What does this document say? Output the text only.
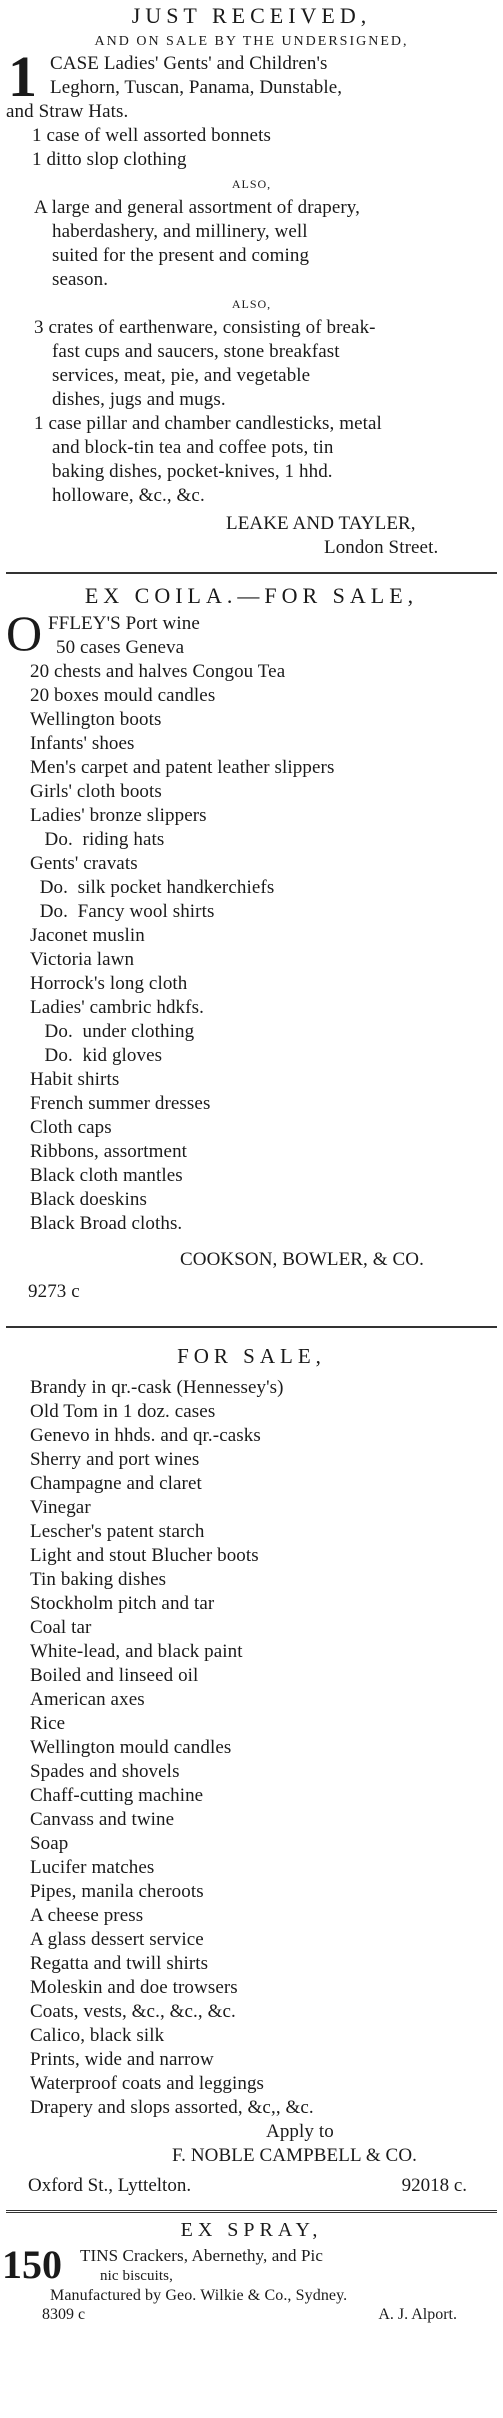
JUST RECEIVED,
AND ON SALE BY THE UNDERSIGNED,
1 CASE Ladies' Gents' and Children's
Leghorn, Tuscan, Panama, Dunstable,
and Straw Hats.
1 case of well assorted bonnets
1 ditto slop clothing
ALSO,
A large and general assortment of drapery,
haberdashery, and millinery, well
suited for the present and coming
season.
ALSO,
3 crates of earthenware, consisting of break-
fast cups and saucers, stone breakfast
services, meat, pie, and vegetable
dishes, jugs and mugs.
1 case pillar and chamber candlesticks, metal
and block-tin tea and coffee pots, tin
baking dishes, pocket-knives, 1 hhd.
holloware, &c., &c.
LEAKE AND TAYLER,
London Street.
EX COILA.—FOR SALE,
O FFLEY'S Port wine
50 cases Geneva
20 chests and halves Congou Tea
20 boxes mould candles
Wellington boots
Infants' shoes
Men's carpet and patent leather slippers
Girls' cloth boots
Ladies' bronze slippers
Do.  riding hats
Gents' cravats
Do.  silk pocket handkerchiefs
Do.  Fancy wool shirts
Jaconet muslin
Victoria lawn
Horrock's long cloth
Ladies' cambric hdkfs.
Do.  under clothing
Do.  kid gloves
Habit shirts
French summer dresses
Cloth caps
Ribbons, assortment
Black cloth mantles
Black doeskins
Black Broad cloths.
COOKSON, BOWLER, & CO.
9273 c
FOR SALE,
Brandy in qr.-cask (Hennessey's)
Old Tom in 1 doz. cases
Genevo in hhds. and qr.-casks
Sherry and port wines
Champagne and claret
Vinegar
Lescher's patent starch
Light and stout Blucher boots
Tin baking dishes
Stockholm pitch and tar
Coal tar
White-lead, and black paint
Boiled and linseed oil
American axes
Rice
Wellington mould candles
Spades and shovels
Chaff-cutting machine
Canvass and twine
Soap
Lucifer matches
Pipes, manila cheroots
A cheese press
A glass dessert service
Regatta and twill shirts
Moleskin and doe trowsers
Coats, vests, &c., &c., &c.
Calico, black silk
Prints, wide and narrow
Waterproof coats and leggings
Drapery and slops assorted, &c,, &c.
Apply to
F. NOBLE CAMPBELL & CO.
Oxford St., Lyttelton.	92018 c.
EX SPRAY,
150 TINS Crackers, Abernethy, and Pic
nic biscuits,
Manufactured by Geo. Wilkie & Co., Sydney.
8309 c	A. J. Alport.
